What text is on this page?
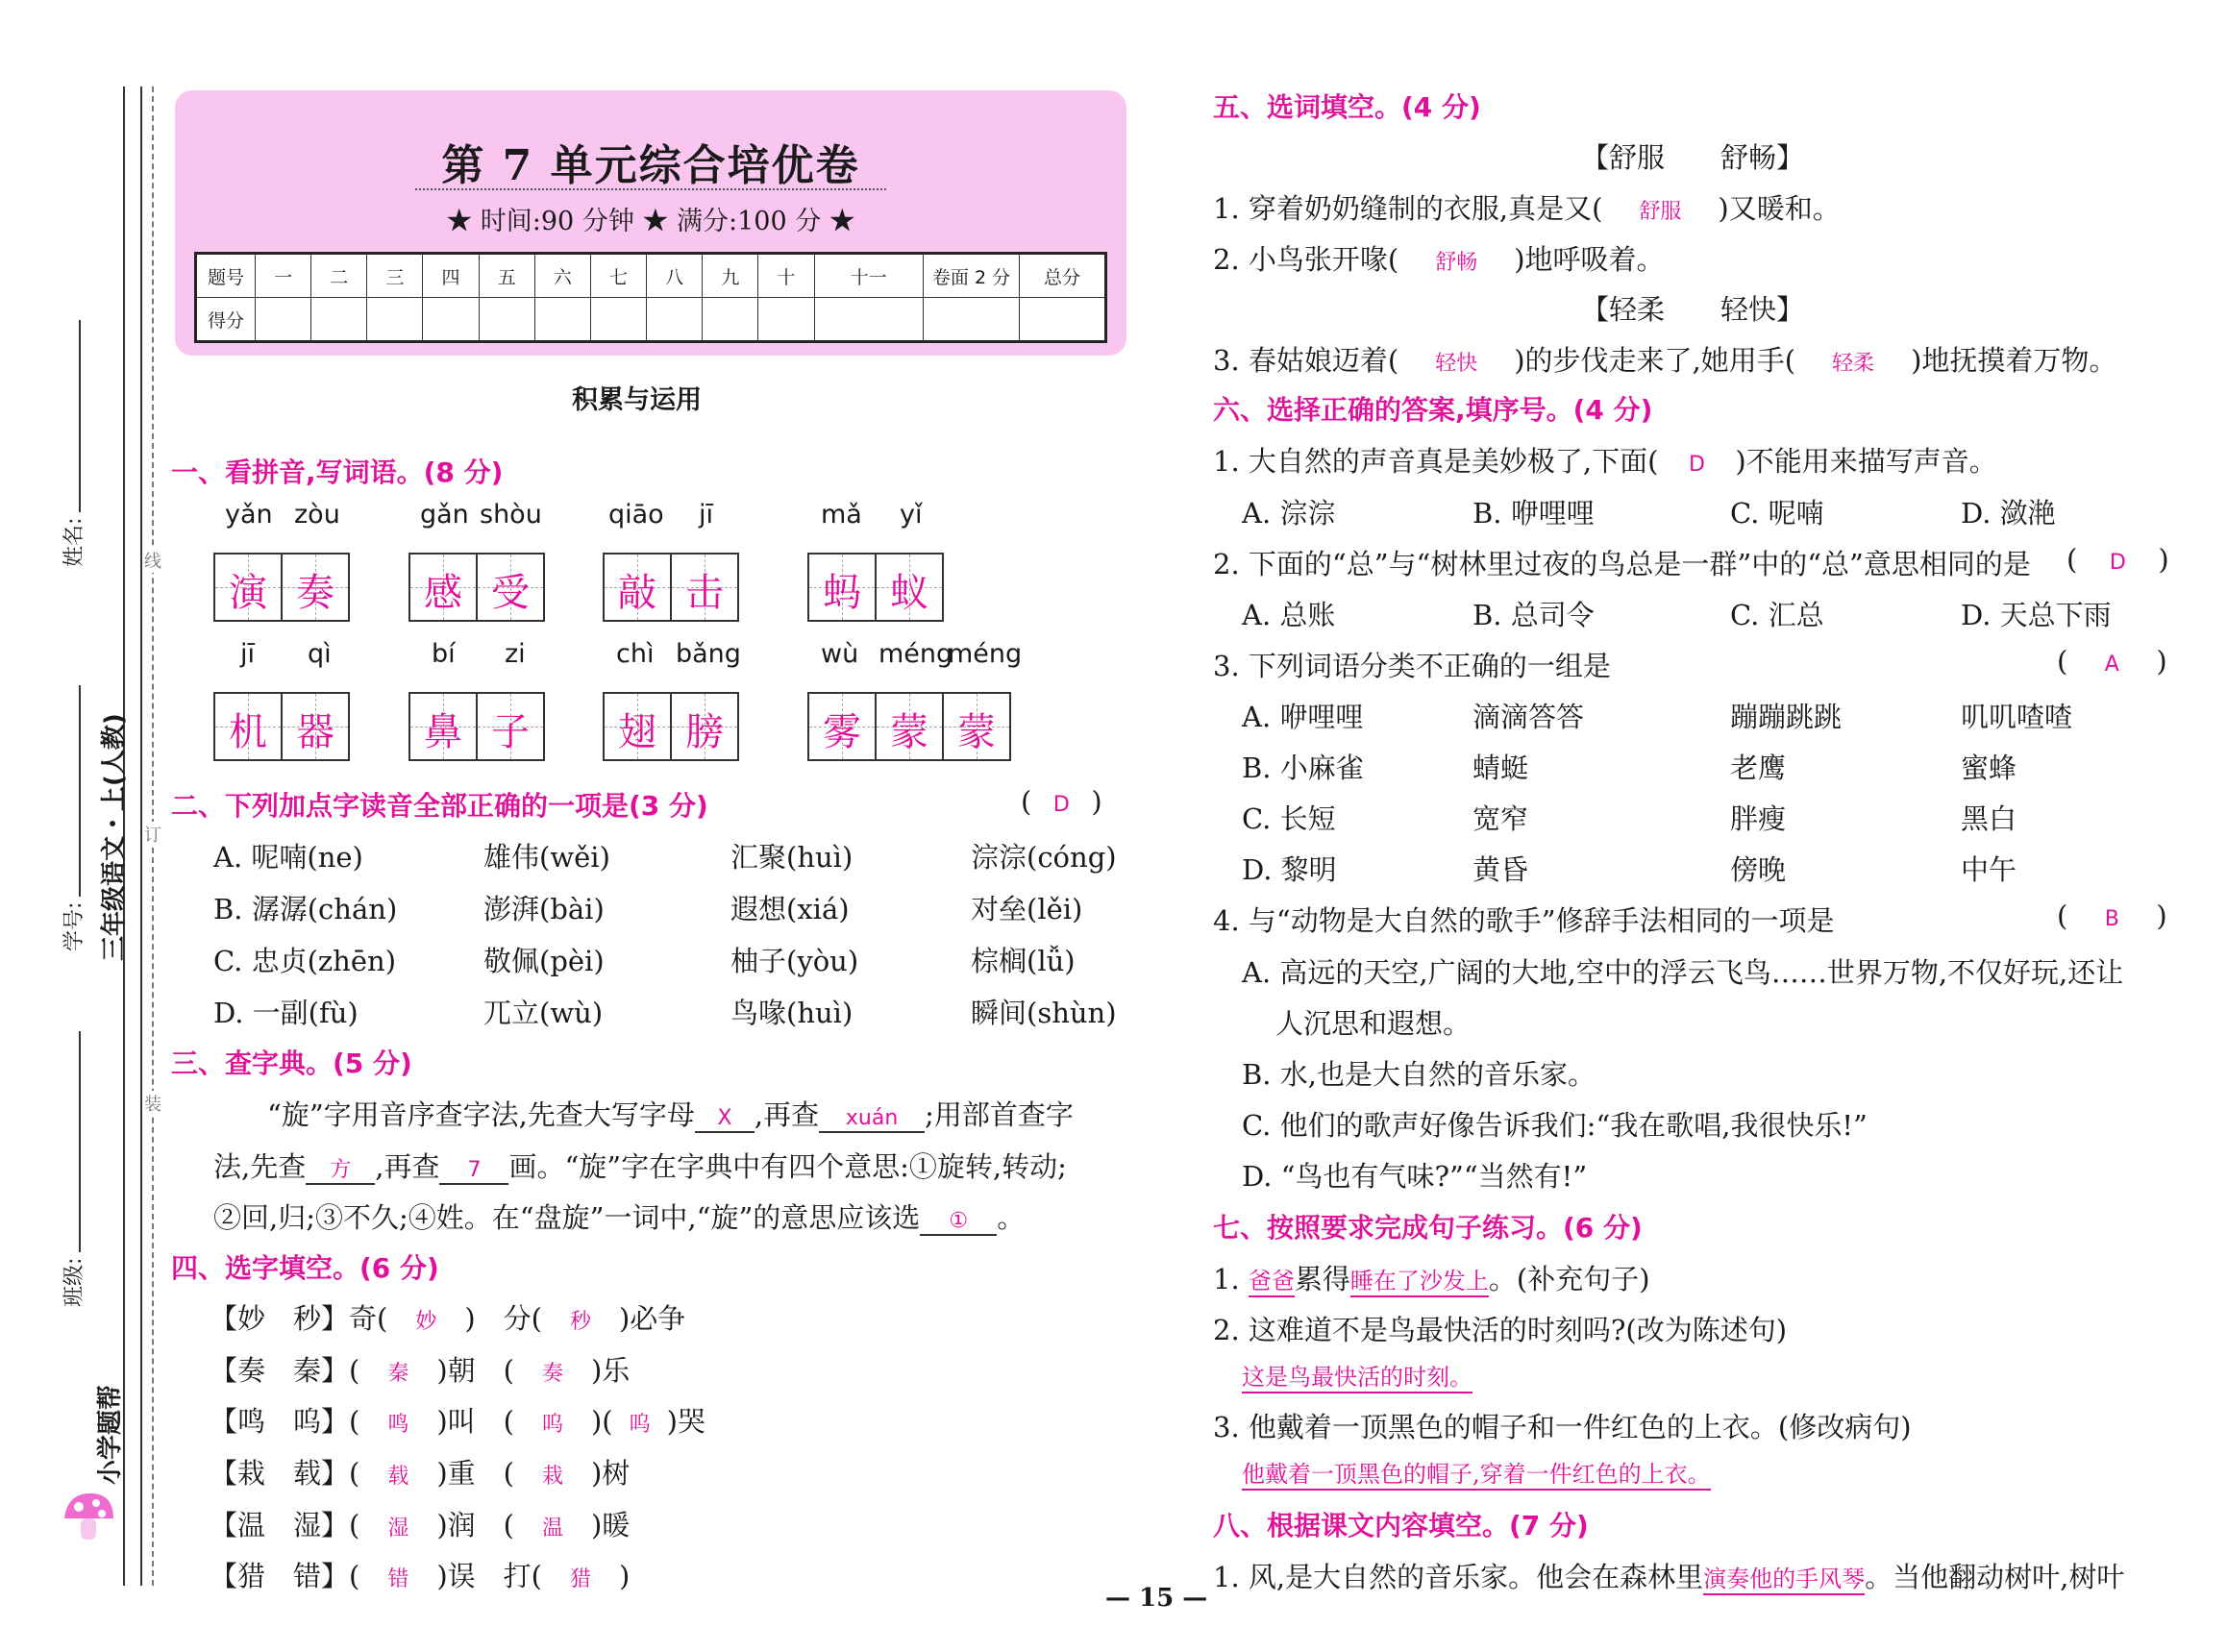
姓名:
学号:
班级:
三年级语文・上(人教)
小学题帮
线
订
装
第 7 单元综合培优卷
★ 时间:90 分钟 ★ 满分:100 分 ★
题号	一	二	三	四	五	六	七	八	九	十	十一	卷面 2 分	总分
得分													
积累与运用
一、看拼音,写词语。(8 分)
yǎn zòu
演 奏
gǎn shòu
感 受
qiāo jī
敲 击
mǎ yǐ
蚂 蚁
jī qì
机 器
bí zi
鼻 子
chì bǎng
翅 膀
wù méng
méng
雾 蒙 蒙
二、下列加点字读音全部正确的一项是(3 分)	( D )
A. 呢喃(ne)	雄伟(wěi)	汇聚(huì)	淙淙(cóng)
B. 潺潺(chán)	澎湃(bài)	遐想(xiá)	对垒(lěi)
C. 忠贞(zhēn)	敬佩(pèi)	柚子(yòu)	棕榈(lǚ)
D. 一副(fù)	兀立(wù)	鸟喙(huì)	瞬间(shùn)
三、查字典。(5 分)
“旋”字用音序查字法,先查大写字母 X ,再查 xuán ;用部首查字
法,先查 方 ,再查 7 画。“旋”字在字典中有四个意思:①旋转,转动;
②回,归;③不久;④姓。在“盘旋”一词中,“旋”的意思应该选 ① 。
四、选字填空。(6 分)
【妙　秒】奇( 妙 )　分( 秒 )必争
【奏　秦】( 秦 )朝　( 奏 )乐
【鸣　呜】( 鸣 )叫　( 呜 )( 呜 )哭
【栽　载】( 载 )重　( 栽 )树
【温　湿】( 湿 )润　( 温 )暖
【猎　错】( 错 )误　打( 猎 )
五、选词填空。(4 分)
【舒服　　舒畅】
1. 穿着奶奶缝制的衣服,真是又( 舒服 )又暖和。
2. 小鸟张开喙( 舒畅 )地呼吸着。
【轻柔　　轻快】
3. 春姑娘迈着( 轻快 )的步伐走来了,她用手( 轻柔 )地抚摸着万物。
六、选择正确的答案,填序号。(4 分)
1. 大自然的声音真是美妙极了,下面( D )不能用来描写声音。
A. 淙淙	B. 咿哩哩	C. 呢喃	D. 潋滟
2. 下面的“总”与“树林里过夜的鸟总是一群”中的“总”意思相同的是 ( D )
A. 总账	B. 总司令	C. 汇总	D. 天总下雨
3. 下列词语分类不正确的一组是	( A )
A. 咿哩哩	滴滴答答	蹦蹦跳跳	叽叽喳喳
B. 小麻雀	蜻蜓	老鹰	蜜蜂
C. 长短	宽窄	胖瘦	黑白
D. 黎明	黄昏	傍晚	中午
4. 与“动物是大自然的歌手”修辞手法相同的一项是	( B )
A. 高远的天空,广阔的大地,空中的浮云飞鸟……世界万物,不仅好玩,还让
人沉思和遐想。
B. 水,也是大自然的音乐家。
C. 他们的歌声好像告诉我们:“我在歌唱,我很快乐!”
D. “鸟也有气味?”“当然有!”
七、按照要求完成句子练习。(6 分)
1. 爸爸累得睡在了沙发上。(补充句子)
2. 这难道不是鸟最快活的时刻吗?(改为陈述句)
这是鸟最快活的时刻。
3. 他戴着一顶黑色的帽子和一件红色的上衣。(修改病句)
他戴着一顶黑色的帽子,穿着一件红色的上衣。
八、根据课文内容填空。(7 分)
1. 风,是大自然的音乐家。他会在森林里演奏他的手风琴。当他翻动树叶,树叶
— 15 —
